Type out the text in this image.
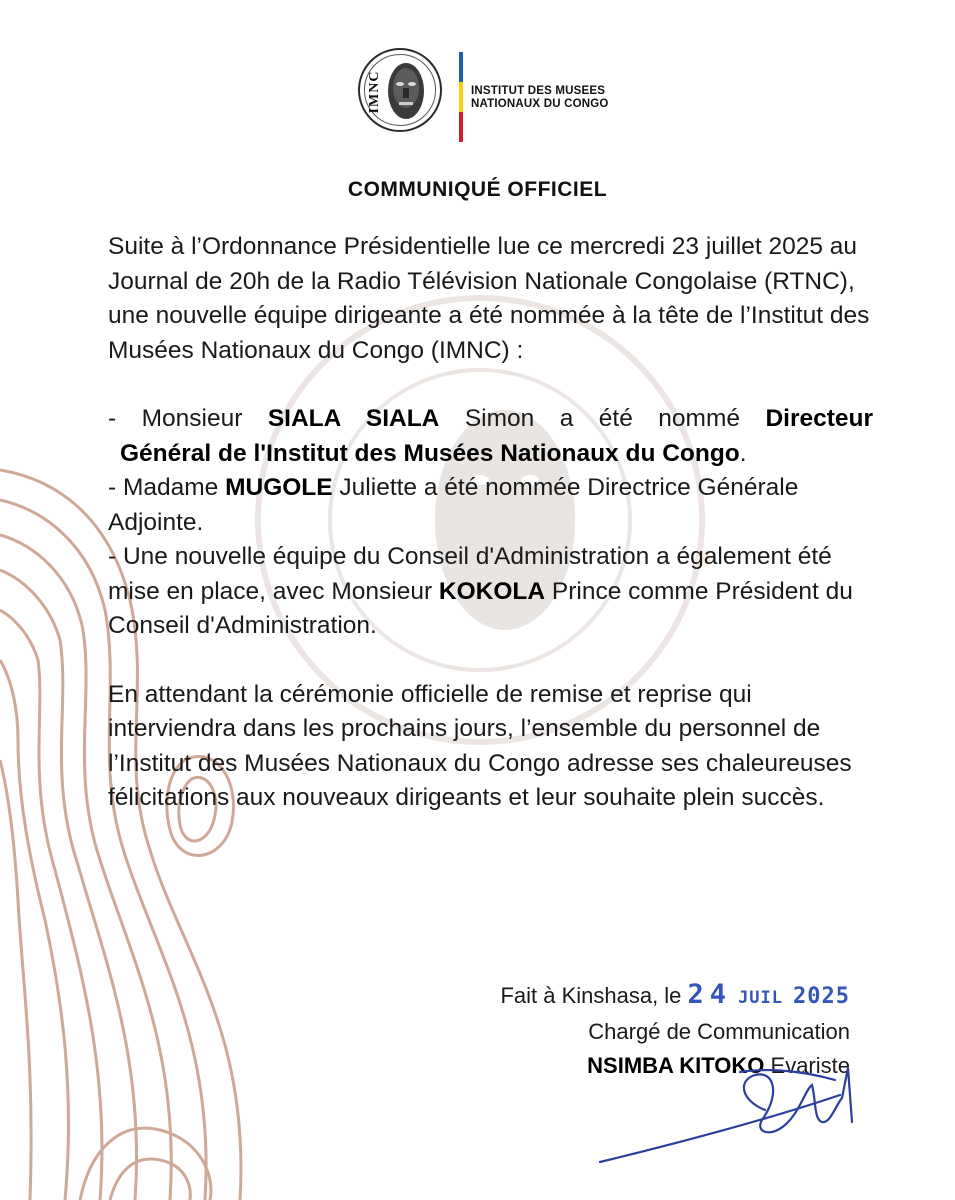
IMNC	INSTITUT DES MUSEES
NATIONAUX DU CONGO
COMMUNIQUÉ OFFICIEL

Suite à l’Ordonnance Présidentielle lue ce mercredi 23 juillet 2025 au Journal de 20h de la Radio Télévision Nationale Congolaise (RTNC), une nouvelle équipe dirigeante a été nommée à la tête de l’Institut des Musées Nationaux du Congo (IMNC) :

- Monsieur SIALA SIALA Simon a été nommé Directeur
Général de l'Institut des Musées Nationaux du Congo.

- Madame MUGOLE Juliette a été nommée Directrice Générale Adjointe.

- Une nouvelle équipe du Conseil d'Administration a également été mise en place, avec Monsieur KOKOLA Prince comme Président du Conseil d'Administration.

En attendant la cérémonie officielle de remise et reprise qui interviendra dans les prochains jours, l’ensemble du personnel de l’Institut des Musées Nationaux du Congo adresse ses chaleureuses félicitations aux nouveaux dirigeants et leur souhaite plein succès.

Fait à Kinshasa, le 24 JUIL 2025
Chargé de Communication
NSIMBA KITOKO Evariste
